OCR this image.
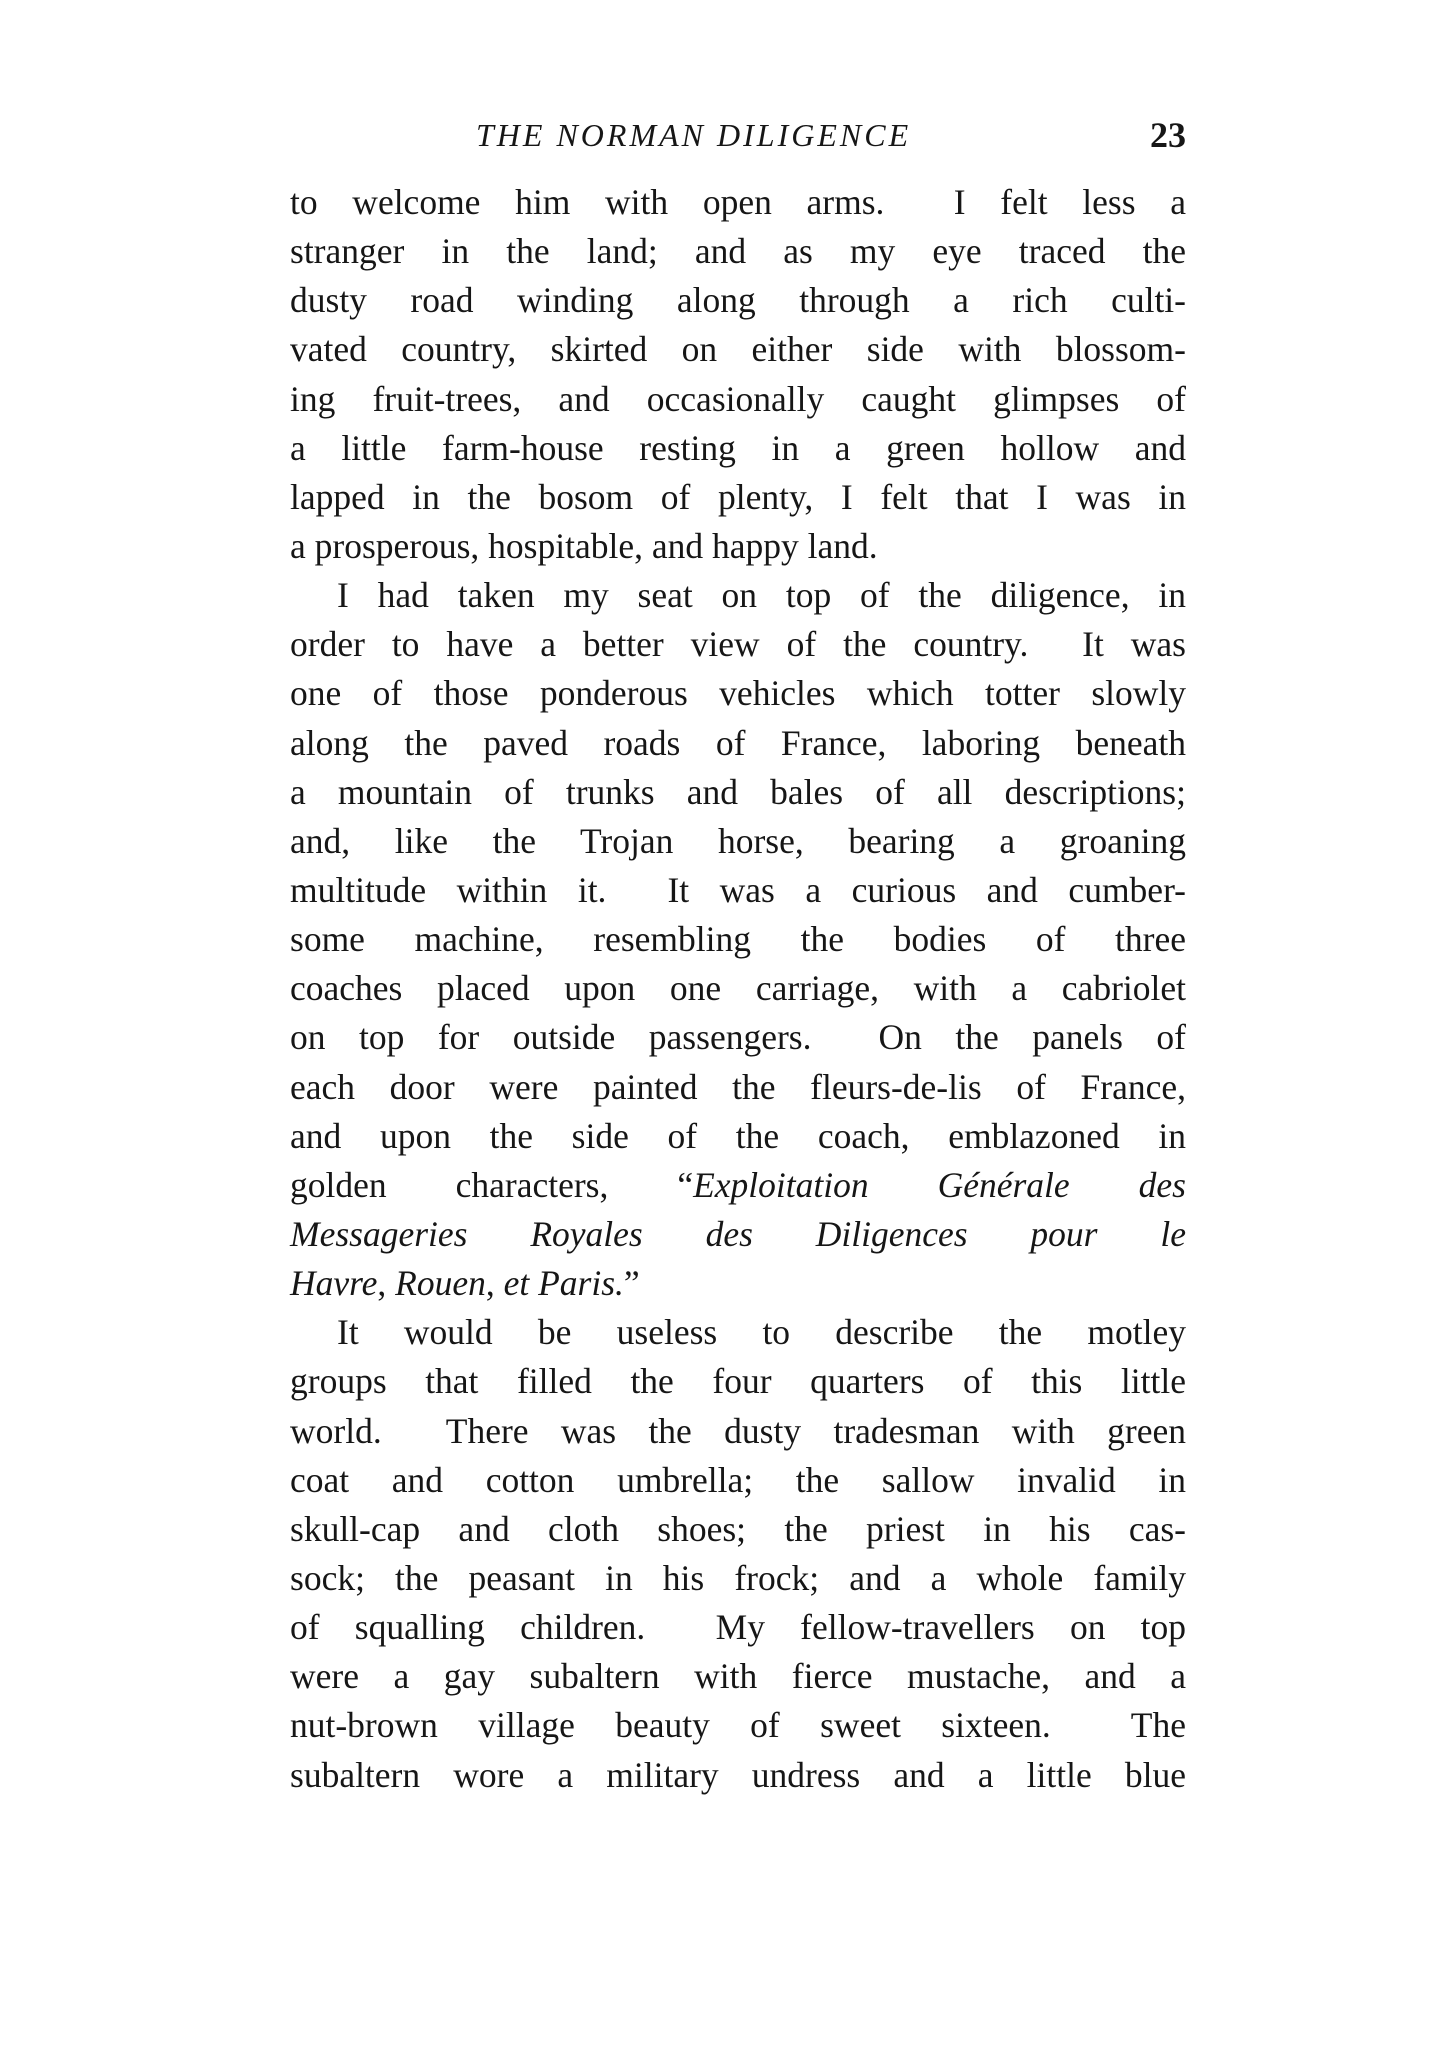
THE NORMAN DILIGENCE	23
to welcome him with open arms.  I felt less a
stranger in the land; and as my eye traced the
dusty road winding along through a rich culti-
vated country, skirted on either side with blossom-
ing fruit-trees, and occasionally caught glimpses of
a little farm-house resting in a green hollow and
lapped in the bosom of plenty, I felt that I was in
a prosperous, hospitable, and happy land.
I had taken my seat on top of the diligence, in
order to have a better view of the country.  It was
one of those ponderous vehicles which totter slowly
along the paved roads of France, laboring beneath
a mountain of trunks and bales of all descriptions;
and, like the Trojan horse, bearing a groaning
multitude within it.  It was a curious and cumber-
some machine, resembling the bodies of three
coaches placed upon one carriage, with a cabriolet
on top for outside passengers.  On the panels of
each door were painted the fleurs-de-lis of France,
and upon the side of the coach, emblazoned in
golden characters, “Exploitation Générale des
Messageries Royales des Diligences pour le
Havre, Rouen, et Paris.”
It would be useless to describe the motley
groups that filled the four quarters of this little
world.  There was the dusty tradesman with green
coat and cotton umbrella; the sallow invalid in
skull-cap and cloth shoes; the priest in his cas-
sock; the peasant in his frock; and a whole family
of squalling children.  My fellow-travellers on top
were a gay subaltern with fierce mustache, and a
nut-brown village beauty of sweet sixteen.  The
subaltern wore a military undress and a little blue
